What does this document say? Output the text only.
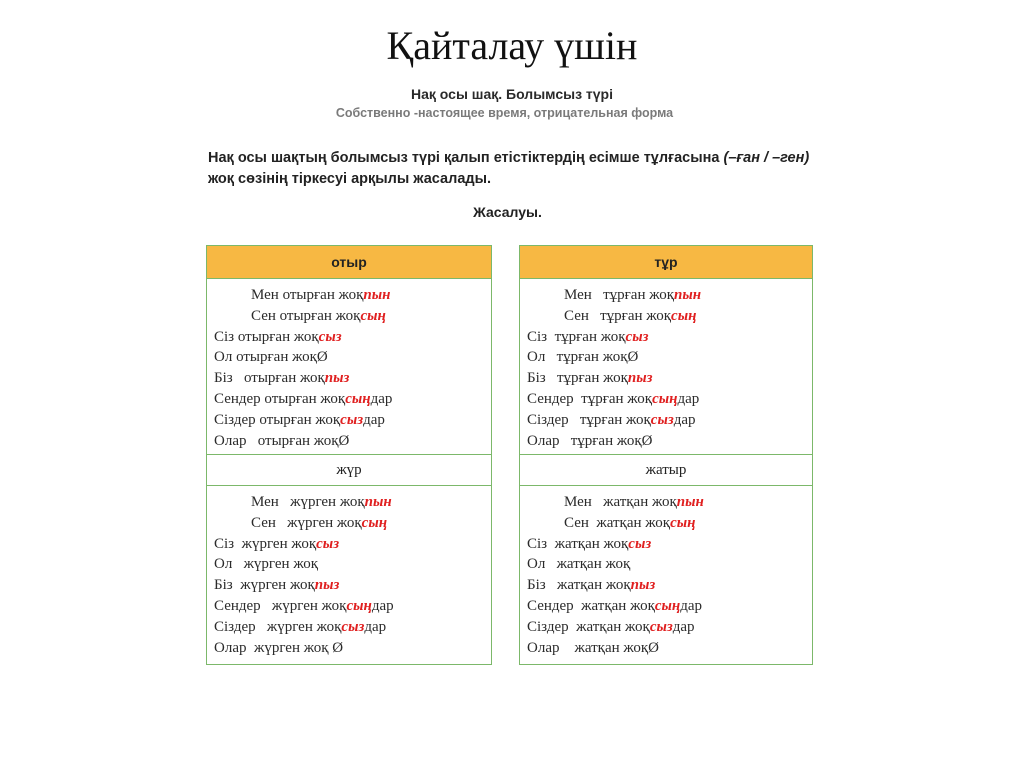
Қайталау үшін
Нақ осы шақ. Болымсыз түрі
Собственно -настоящее время, отрицательная форма
Нақ осы шақтың болымсыз түрі қалып етістіктердің есімше тұлғасына (–ған / –ген)
жоқ сөзінің тіркесуі арқылы жасалады.
Жасалуы.
отыр
Мен отырған жоқпын
Сен отырған жоқсың
Сіз отырған жоқсыз
Ол отырған жоқØ
Біз   отырған жоқпыз
Сендер отырған жоқсыңдар
Сіздер отырған жоқсыздар
Олар   отырған жоқØ
тұр
Мен   тұрған жоқпын
Сен   тұрған жоқсың
Сіз  тұрған жоқсыз
Ол   тұрған жоқØ
Біз   тұрған жоқпыз
Сендер  тұрған жоқсыңдар
Сіздер   тұрған жоқсыздар
Олар   тұрған жоқØ
жүр
Мен   жүрген жоқпын
Сен   жүрген жоқсың
Сіз  жүрген жоқсыз
Ол   жүрген жоқ
Біз  жүрген жоқпыз
Сендер   жүрген жоқсыңдар
Сіздер   жүрген жоқсыздар
Олар  жүрген жоқ Ø
жатыр
Мен   жатқан жоқпын
Сен  жатқан жоқсың
Сіз  жатқан жоқсыз
Ол   жатқан жоқ
Біз   жатқан жоқпыз
Сендер  жатқан жоқсыңдар
Сіздер  жатқан жоқсыздар
Олар    жатқан жоқØ
